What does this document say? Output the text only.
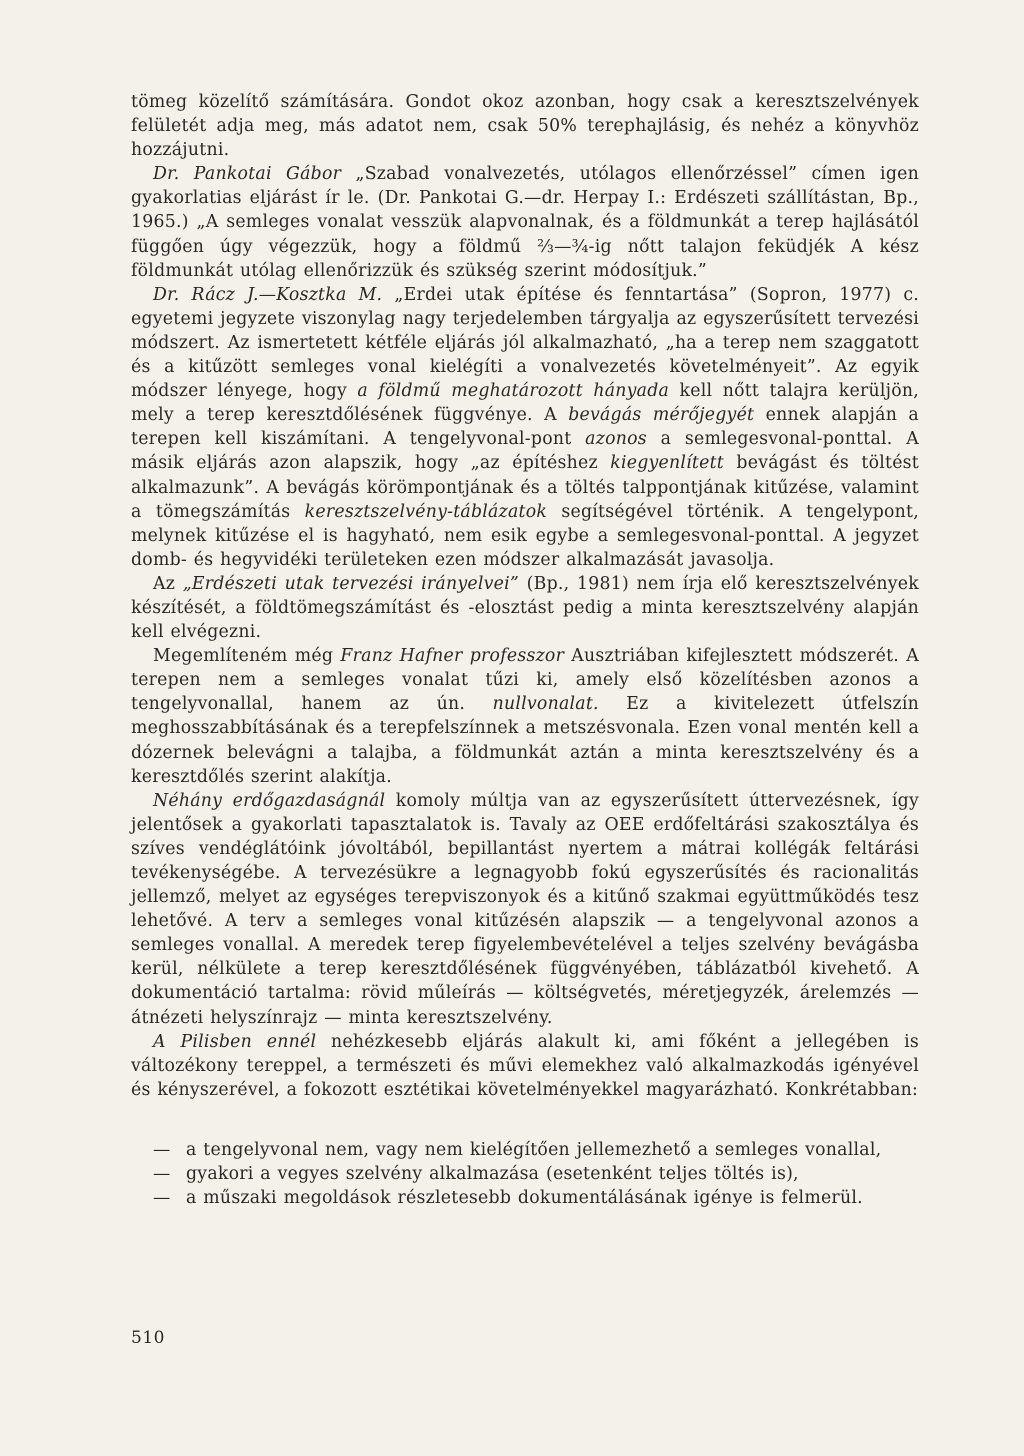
tömeg közelítő számítására. Gondot okoz azonban, hogy csak a keresztszelvények felületét adja meg, más adatot nem, csak 50% terephajlásig, és nehéz a könyvhöz hozzájutni.

Dr. Pankotai Gábor „Szabad vonalvezetés, utólagos ellenőrzéssel” címen igen gyakorlatias eljárást ír le. (Dr. Pankotai G.—dr. Herpay I.: Erdészeti szállítástan, Bp., 1965.) „A semleges vonalat vesszük alapvonalnak, és a földmunkát a terep hajlásától függően úgy végezzük, hogy a földmű ⅔—¾-ig nőtt talajon feküdjék A kész földmunkát utólag ellenőrizzük és szükség szerint módosítjuk.”

Dr. Rácz J.—Kosztka M. „Erdei utak építése és fenntartása” (Sopron, 1977) c. egyetemi jegyzete viszonylag nagy terjedelemben tárgyalja az egyszerűsített tervezési módszert. Az ismertetett kétféle eljárás jól alkalmazható, „ha a terep nem szaggatott és a kitűzött semleges vonal kielégíti a vonalvezetés követelményeit”. Az egyik módszer lényege, hogy a földmű meghatározott hányada kell nőtt talajra kerüljön, mely a terep keresztdőlésének függvénye. A bevágás mérőjegyét ennek alapján a terepen kell kiszámítani. A tengelyvonal-pont azonos a semlegesvonal-ponttal. A másik eljárás azon alapszik, hogy „az építéshez kiegyenlített bevágást és töltést alkalmazunk”. A bevágás körömpontjának és a töltés talppontjának kitűzése, valamint a tömegszámítás keresztszelvény-táblázatok segítségével történik. A tengelypont, melynek kitűzése el is hagyható, nem esik egybe a semlegesvonal-ponttal. A jegyzet domb- és hegyvidéki területeken ezen módszer alkalmazását javasolja.

Az „Erdészeti utak tervezési irányelvei” (Bp., 1981) nem írja elő keresztszelvények készítését, a földtömegszámítást és -elosztást pedig a minta keresztszelvény alapján kell elvégezni.

Megemlíteném még Franz Hafner professzor Ausztriában kifejlesztett módszerét. A terepen nem a semleges vonalat tűzi ki, amely első közelítésben azonos a tengelyvonallal, hanem az ún. nullvonalat. Ez a kivitelezett útfelszín meghosszabbításának és a terepfelszínnek a metszésvonala. Ezen vonal mentén kell a dózernek belevágni a talajba, a földmunkát aztán a minta keresztszelvény és a keresztdőlés szerint alakítja.

Néhány erdőgazdaságnál komoly múltja van az egyszerűsített úttervezésnek, így jelentősek a gyakorlati tapasztalatok is. Tavaly az OEE erdőfeltárási szakosztálya és szíves vendéglátóink jóvoltából, bepillantást nyertem a mátrai kollégák feltárási tevékenységébe. A tervezésükre a legnagyobb fokú egyszerűsítés és racionalitás jellemző, melyet az egységes terepviszonyok és a kitűnő szakmai együttműködés tesz lehetővé. A terv a semleges vonal kitűzésén alapszik — a tengelyvonal azonos a semleges vonallal. A meredek terep figyelembevételével a teljes szelvény bevágásba kerül, nélkülete a terep keresztdőlésének függvényében, táblázatból kivehető. A dokumentáció tartalma: rövid műleírás — költségvetés, méretjegyzék, árelemzés — átnézeti helyszínrajz — minta keresztszelvény.

A Pilisben ennél nehézkesebb eljárás alakult ki, ami főként a jellegében is változékony tereppel, a természeti és művi elemekhez való alkalmazkodás igényével és kényszerével, a fokozott esztétikai követelményekkel magyarázható. Konkrétabban:

— a tengelyvonal nem, vagy nem kielégítően jellemezhető a semleges vonallal,
— gyakori a vegyes szelvény alkalmazása (esetenként teljes töltés is),
— a műszaki megoldások részletesebb dokumentálásának igénye is felmerül.
510
